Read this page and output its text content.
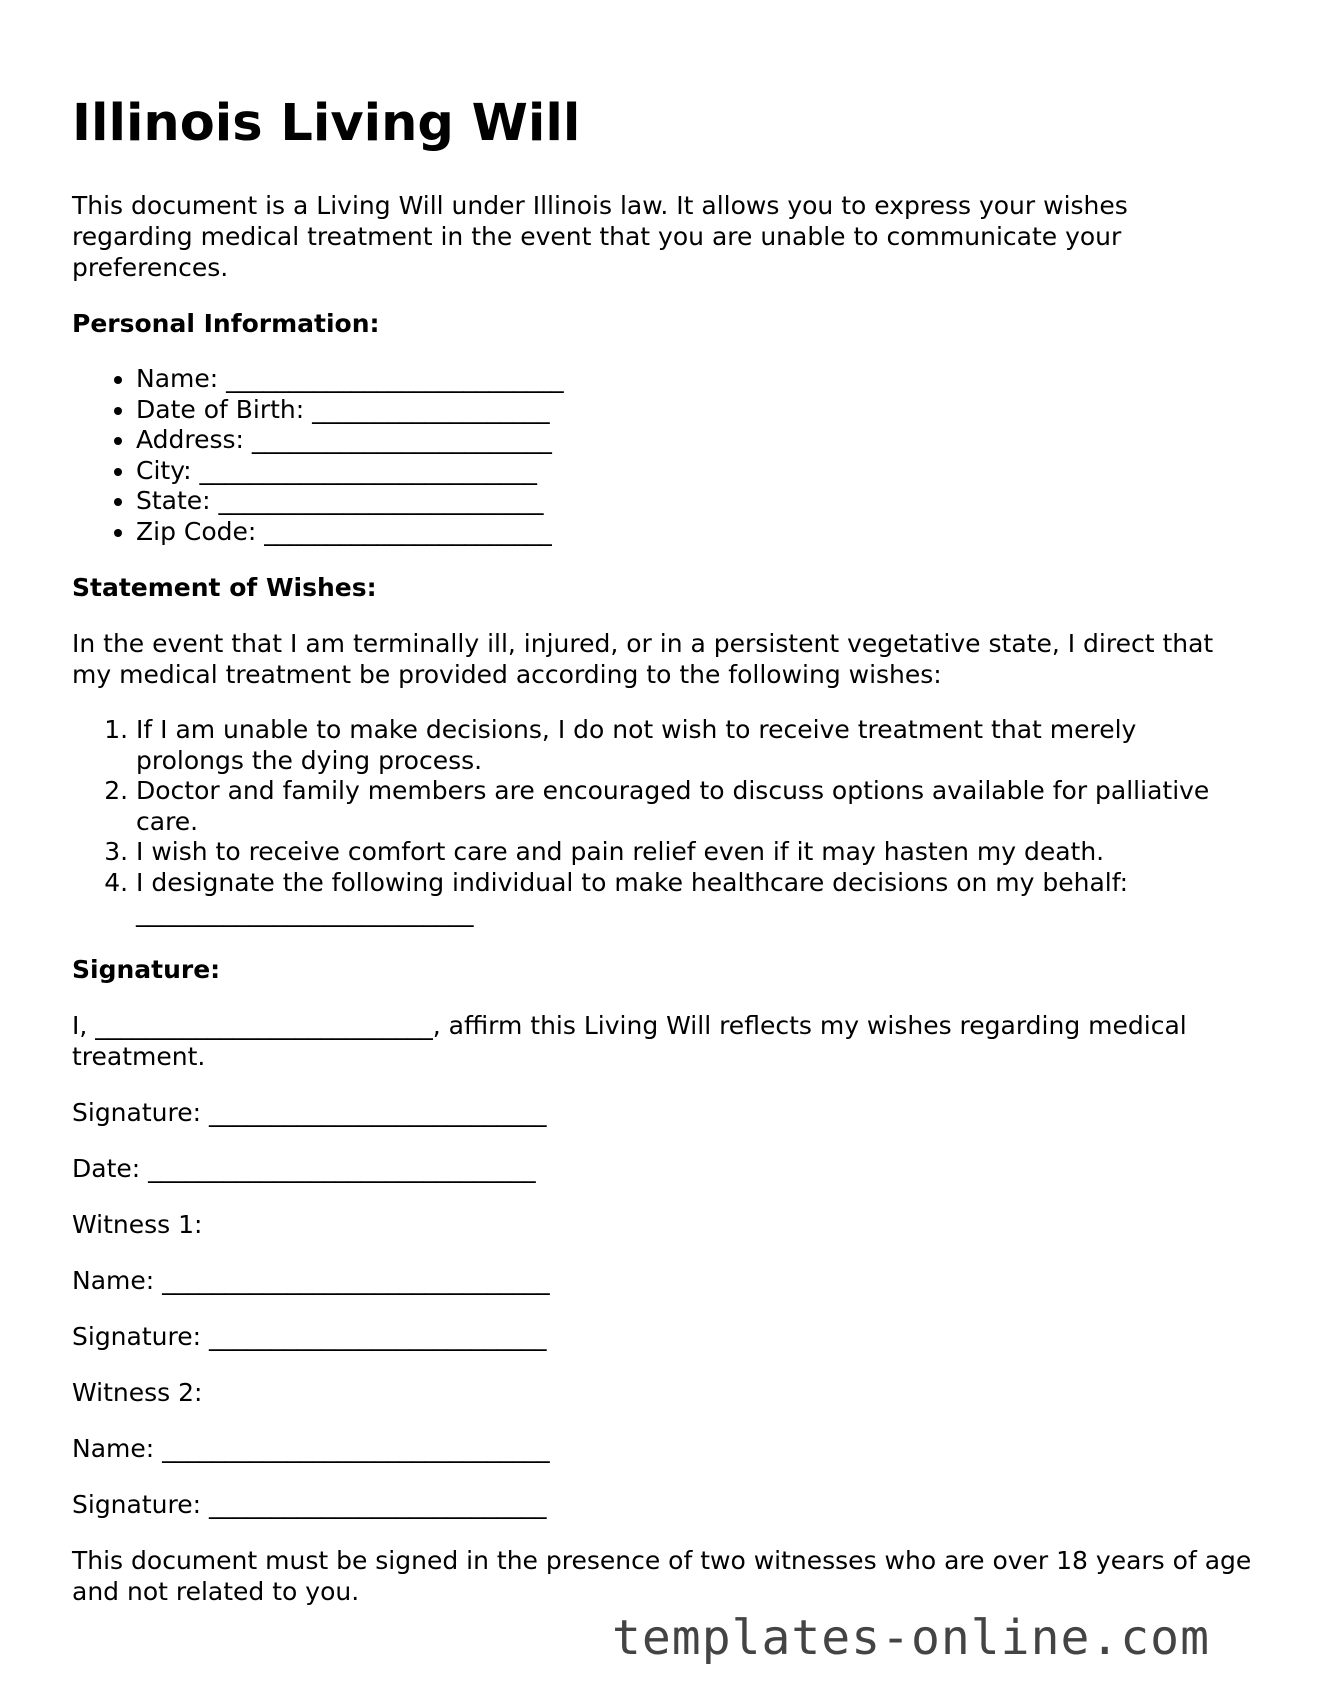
Illinois Living Will

This document is a Living Will under Illinois law. It allows you to express your wishes regarding medical treatment in the event that you are unable to communicate your preferences.

Personal Information:
• Name: ___________________________
• Date of Birth: ___________________
• Address: ________________________
• City: ___________________________
• State: __________________________
• Zip Code: _______________________
Statement of Wishes:

In the event that I am terminally ill, injured, or in a persistent vegetative state, I direct that my medical treatment be provided according to the following wishes:

1. If I am unable to make decisions, I do not wish to receive treatment that merely prolongs the dying process.
2. Doctor and family members are encouraged to discuss options available for palliative care.
3. I wish to receive comfort care and pain relief even if it may hasten my death.
4. I designate the following individual to make healthcare decisions on my behalf: ___________________________
Signature:

I, ___________________________, affirm this Living Will reflects my wishes regarding medical treatment.

Signature: ___________________________

Date: _______________________________

Witness 1:

Name: _______________________________

Signature: ___________________________

Witness 2:

Name: _______________________________

Signature: ___________________________

This document must be signed in the presence of two witnesses who are over 18 years of age and not related to you.

templates-online.com
